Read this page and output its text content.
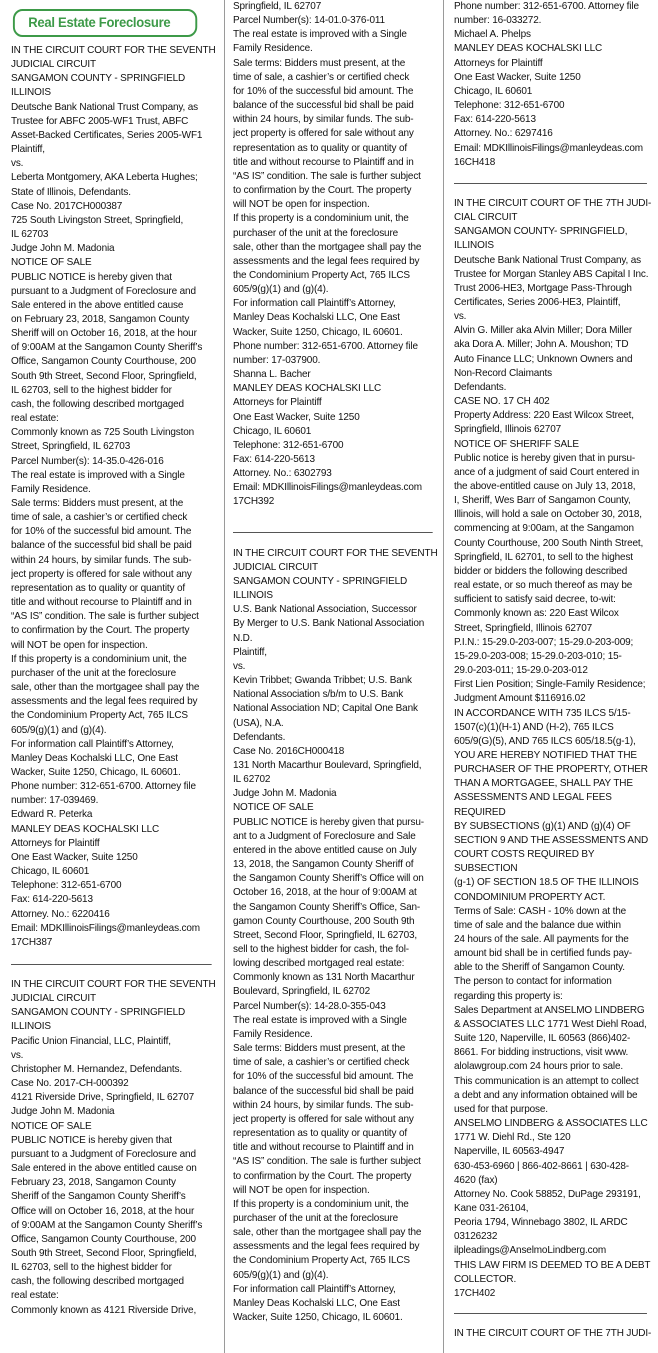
Real Estate Foreclosure

IN THE CIRCUIT COURT FOR THE SEVENTH

JUDICIAL CIRCUIT

SANGAMON COUNTY - SPRINGFIELD

ILLINOIS

Deutsche Bank National Trust Company, as

Trustee for ABFC 2005-WF1 Trust, ABFC

Asset-Backed Certificates, Series 2005-WF1

Plaintiff,

vs.

Leberta Montgomery, AKA Leberta Hughes;

State of Illinois, Defendants.

Case No. 2017CH000387

725 South Livingston Street, Springfield,

IL 62703

Judge John M. Madonia

NOTICE OF SALE

PUBLIC NOTICE is hereby given that

pursuant to a Judgment of Foreclosure and

Sale entered in the above entitled cause

on February 23, 2018, Sangamon County

Sheriff will on October 16, 2018, at the hour

of 9:00AM at the Sangamon County Sheriff’s

Office, Sangamon County Courthouse, 200

South 9th Street, Second Floor, Springfield,

IL 62703, sell to the highest bidder for

cash, the following described mortgaged

real estate:

Commonly known as 725 South Livingston

Street, Springfield, IL 62703

Parcel Number(s): 14-35.0-426-016

The real estate is improved with a Single

Family Residence.

Sale terms: Bidders must present, at the

time of sale, a cashier’s or certified check

for 10% of the successful bid amount. The

balance of the successful bid shall be paid

within 24 hours, by similar funds. The sub-

ject property is offered for sale without any

representation as to quality or quantity of

title and without recourse to Plaintiff and in

“AS IS” condition. The sale is further subject

to confirmation by the Court. The property

will NOT be open for inspection.

If this property is a condominium unit, the

purchaser of the unit at the foreclosure

sale, other than the mortgagee shall pay the

assessments and the legal fees required by

the Condominium Property Act, 765 ILCS

605/9(g)(1) and (g)(4).

For information call Plaintiff’s Attorney,

Manley Deas Kochalski LLC, One East

Wacker, Suite 1250, Chicago, IL 60601.

Phone number: 312-651-6700. Attorney file

number: 17-039469.

Edward R. Peterka

MANLEY DEAS KOCHALSKI LLC

Attorneys for Plaintiff

One East Wacker, Suite 1250

Chicago, IL 60601

Telephone: 312-651-6700

Fax: 614-220-5613

Attorney. No.: 6220416

Email: MDKIllinoisFilings@manleydeas.com

17CH387

IN THE CIRCUIT COURT FOR THE SEVENTH

JUDICIAL CIRCUIT

SANGAMON COUNTY - SPRINGFIELD

ILLINOIS

Pacific Union Financial, LLC, Plaintiff,

vs.

Christopher M. Hernandez, Defendants.

Case No. 2017-CH-000392

4121 Riverside Drive, Springfield, IL 62707

Judge John M. Madonia

NOTICE OF SALE

PUBLIC NOTICE is hereby given that

pursuant to a Judgment of Foreclosure and

Sale entered in the above entitled cause on

February 23, 2018, Sangamon County

Sheriff of the Sangamon County Sheriff’s

Office will on October 16, 2018, at the hour

of 9:00AM at the Sangamon County Sheriff’s

Office, Sangamon County Courthouse, 200

South 9th Street, Second Floor, Springfield,

IL 62703, sell to the highest bidder for

cash, the following described mortgaged

real estate:

Commonly known as 4121 Riverside Drive,

Springfield, IL 62707

Parcel Number(s): 14-01.0-376-011

The real estate is improved with a Single

Family Residence.

Sale terms: Bidders must present, at the

time of sale, a cashier’s or certified check

for 10% of the successful bid amount. The

balance of the successful bid shall be paid

within 24 hours, by similar funds. The sub-

ject property is offered for sale without any

representation as to quality or quantity of

title and without recourse to Plaintiff and in

“AS IS” condition. The sale is further subject

to confirmation by the Court. The property

will NOT be open for inspection.

If this property is a condominium unit, the

purchaser of the unit at the foreclosure

sale, other than the mortgagee shall pay the

assessments and the legal fees required by

the Condominium Property Act, 765 ILCS

605/9(g)(1) and (g)(4).

For information call Plaintiff’s Attorney,

Manley Deas Kochalski LLC, One East

Wacker, Suite 1250, Chicago, IL 60601.

Phone number: 312-651-6700. Attorney file

number: 17-037900.

Shanna L. Bacher

MANLEY DEAS KOCHALSKI LLC

Attorneys for Plaintiff

One East Wacker, Suite 1250

Chicago, IL 60601

Telephone: 312-651-6700

Fax: 614-220-5613

Attorney. No.: 6302793

Email: MDKIllinoisFilings@manleydeas.com

17CH392

IN THE CIRCUIT COURT FOR THE SEVENTH

JUDICIAL CIRCUIT

SANGAMON COUNTY - SPRINGFIELD

ILLINOIS

U.S. Bank National Association, Successor

By Merger to U.S. Bank National Association

N.D.

Plaintiff,

vs.

Kevin Tribbet; Gwanda Tribbet; U.S. Bank

National Association s/b/m to U.S. Bank

National Association ND; Capital One Bank

(USA), N.A.

Defendants.

Case No. 2016CH000418

131 North Macarthur Boulevard, Springfield,

IL 62702

Judge John M. Madonia

NOTICE OF SALE

PUBLIC NOTICE is hereby given that pursu-

ant to a Judgment of Foreclosure and Sale

entered in the above entitled cause on July

13, 2018, the Sangamon County Sheriff of

the Sangamon County Sheriff’s Office will on

October 16, 2018, at the hour of 9:00AM at

the Sangamon County Sheriff’s Office, San-

gamon County Courthouse, 200 South 9th

Street, Second Floor, Springfield, IL 62703,

sell to the highest bidder for cash, the fol-

lowing described mortgaged real estate:

Commonly known as 131 North Macarthur

Boulevard, Springfield, IL 62702

Parcel Number(s): 14-28.0-355-043

The real estate is improved with a Single

Family Residence.

Sale terms: Bidders must present, at the

time of sale, a cashier’s or certified check

for 10% of the successful bid amount. The

balance of the successful bid shall be paid

within 24 hours, by similar funds. The sub-

ject property is offered for sale without any

representation as to quality or quantity of

title and without recourse to Plaintiff and in

“AS IS” condition. The sale is further subject

to confirmation by the Court. The property

will NOT be open for inspection.

If this property is a condominium unit, the

purchaser of the unit at the foreclosure

sale, other than the mortgagee shall pay the

assessments and the legal fees required by

the Condominium Property Act, 765 ILCS

605/9(g)(1) and (g)(4).

For information call Plaintiff’s Attorney,

Manley Deas Kochalski LLC, One East

Wacker, Suite 1250, Chicago, IL 60601.

Phone number: 312-651-6700. Attorney file

number: 16-033272.

Michael A. Phelps

MANLEY DEAS KOCHALSKI LLC

Attorneys for Plaintiff

One East Wacker, Suite 1250

Chicago, IL 60601

Telephone: 312-651-6700

Fax: 614-220-5613

Attorney. No.: 6297416

Email: MDKIllinoisFilings@manleydeas.com

16CH418

IN THE CIRCUIT COURT OF THE 7TH JUDI-

CIAL CIRCUIT

SANGAMON COUNTY- SPRINGFIELD,

ILLINOIS

Deutsche Bank National Trust Company, as

Trustee for Morgan Stanley ABS Capital I Inc.

Trust 2006-HE3, Mortgage Pass-Through

Certificates, Series 2006-HE3, Plaintiff,

vs.

Alvin G. Miller aka Alvin Miller; Dora Miller

aka Dora A. Miller; John A. Moushon; TD

Auto Finance LLC; Unknown Owners and

Non-Record Claimants

Defendants.

CASE NO. 17 CH 402

Property Address: 220 East Wilcox Street,

Springfield, Illinois 62707

NOTICE OF SHERIFF SALE

Public notice is hereby given that in pursu-

ance of a judgment of said Court entered in

the above-entitled cause on July 13, 2018,

I, Sheriff, Wes Barr of Sangamon County,

Illinois, will hold a sale on October 30, 2018,

commencing at 9:00am, at the Sangamon

County Courthouse, 200 South Ninth Street,

Springfield, IL 62701, to sell to the highest

bidder or bidders the following described

real estate, or so much thereof as may be

sufficient to satisfy said decree, to-wit:

Commonly known as: 220 East Wilcox

Street, Springfield, Illinois 62707

P.I.N.: 15-29.0-203-007; 15-29.0-203-009;

15-29.0-203-008; 15-29.0-203-010; 15-

29.0-203-011; 15-29.0-203-012

First Lien Position; Single-Family Residence;

Judgment Amount $116916.02

IN ACCORDANCE WITH 735 ILCS 5/15-

1507(c)(1)(H-1) AND (H-2), 765 ILCS

605/9(G)(5), AND 765 ILCS 605/18.5(g-1),

YOU ARE HEREBY NOTIFIED THAT THE

PURCHASER OF THE PROPERTY, OTHER

THAN A MORTGAGEE, SHALL PAY THE

ASSESSMENTS AND LEGAL FEES REQUIRED

BY SUBSECTIONS (g)(1) AND (g)(4) OF

SECTION 9 AND THE ASSESSMENTS AND

COURT COSTS REQUIRED BY SUBSECTION

(g-1) OF SECTION 18.5 OF THE ILLINOIS

CONDOMINIUM PROPERTY ACT.

Terms of Sale: CASH - 10% down at the

time of sale and the balance due within

24 hours of the sale. All payments for the

amount bid shall be in certified funds pay-

able to the Sheriff of Sangamon County.

The person to contact for information

regarding this property is:

Sales Department at ANSELMO LINDBERG

& ASSOCIATES LLC 1771 West Diehl Road,

Suite 120, Naperville, IL 60563 (866)402-

8661. For bidding instructions, visit www.

alolawgroup.com 24 hours prior to sale.

This communication is an attempt to collect

a debt and any information obtained will be

used for that purpose.

ANSELMO LINDBERG & ASSOCIATES LLC

1771 W. Diehl Rd., Ste 120

Naperville, IL 60563-4947

630-453-6960 | 866-402-8661 | 630-428-

4620 (fax)

Attorney No. Cook 58852, DuPage 293191,

Kane 031-26104,

Peoria 1794, Winnebago 3802, IL ARDC

03126232

ilpleadings@AnselmoLindberg.com

THIS LAW FIRM IS DEEMED TO BE A DEBT

COLLECTOR.

17CH402

IN THE CIRCUIT COURT OF THE 7TH JUDI-
